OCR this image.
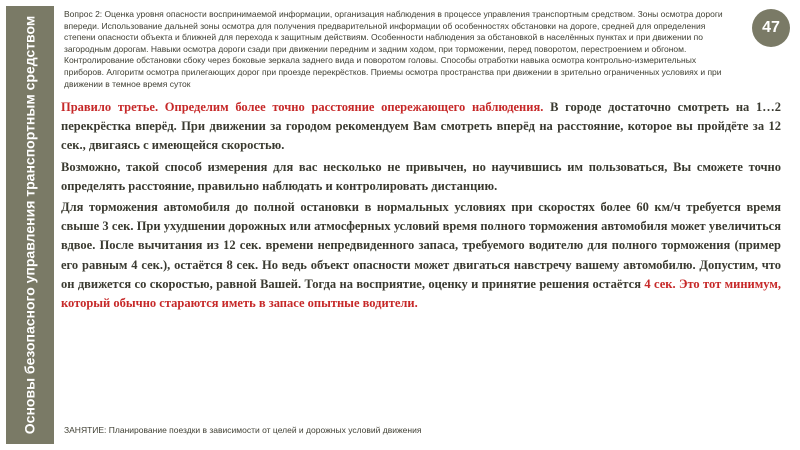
Основы безопасного управления транспортным средством	47
Вопрос 2: Оценка уровня опасности воспринимаемой информации, организация наблюдения в процессе управления транспортным средством. Зоны осмотра дороги впереди. Использование дальней зоны осмотра для получения предварительной информации об особенностях обстановки на дороге, средней для определения степени опасности объекта и ближней для перехода к защитным действиям. Особенности наблюдения за обстановкой в населённых пунктах и при движении по загородным дорогам. Навыки осмотра дороги сзади при движении передним и задним ходом, при торможении, перед поворотом, перестроением и обгоном. Контролирование обстановки сбоку через боковые зеркала заднего вида и поворотом головы. Способы отработки навыка осмотра контрольно-измерительных приборов. Алгоритм осмотра прилегающих дорог при проезде перекрёстков. Приемы осмотра пространства при движении в зрительно ограниченных условиях и при движении в темное время суток

Правило третье. Определим более точно расстояние опережающего наблюдения. В городе достаточно смотреть на 1…2 перекрёстка вперёд. При движении за городом рекомендуем Вам смотреть вперёд на расстояние, которое вы пройдёте за 12 сек., двигаясь с имеющейся скоростью.

Возможно, такой способ измерения для вас несколько не привычен, но научившись им пользоваться, Вы сможете точно определять расстояние, правильно наблюдать и контролировать дистанцию.

Для торможения автомобиля до полной остановки в нормальных условиях при скоростях более 60 км/ч требуется время свыше 3 сек. При ухудшении дорожных или атмосферных условий время полного торможения автомобиля может увеличиться вдвое. После вычитания из 12 сек. времени непредвиденного запаса, требуемого водителю для полного торможения (пример его равным 4 сек.), остаётся 8 сек. Но ведь объект опасности может двигаться навстречу вашему автомобилю. Допустим, что он движется со скоростью, равной Вашей. Тогда на восприятие, оценку и принятие решения остаётся 4 сек. Это тот минимум, который обычно стараются иметь в запасе опытные водители.

ЗАНЯТИЕ: Планирование поездки в зависимости от целей и дорожных условий движения
